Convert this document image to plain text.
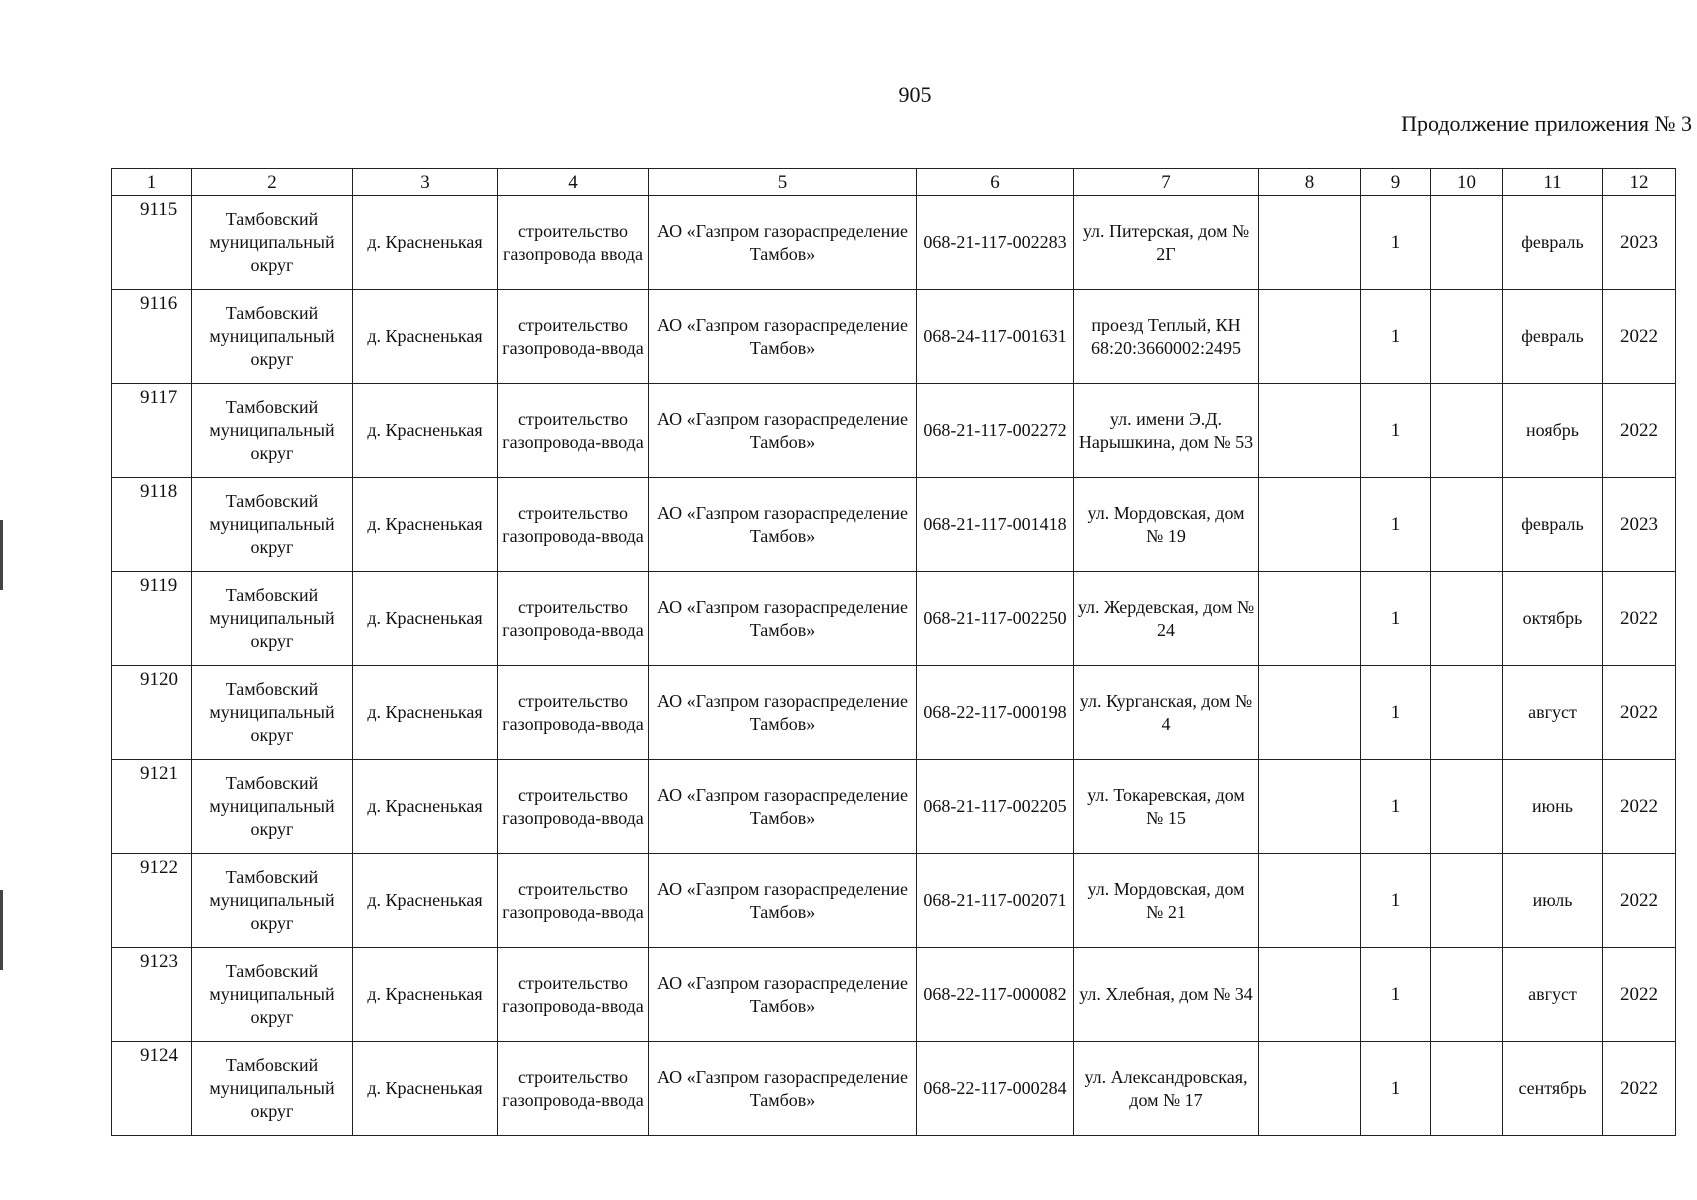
905
Продолжение приложения № 3
1	2	3	4	5	6	7	8	9	10	11	12
9115	Тамбовский муниципальный округ	д. Красненькая	строительство газопровода ввода	АО «Газпром газораспределение Тамбов»	068-21-117-002283	ул. Питерская, дом № 2Г		1		февраль	2023
9116	Тамбовский муниципальный округ	д. Красненькая	строительство газопровода-ввода	АО «Газпром газораспределение Тамбов»	068-24-117-001631	проезд Теплый, КН 68:20:3660002:2495		1		февраль	2022
9117	Тамбовский муниципальный округ	д. Красненькая	строительство газопровода-ввода	АО «Газпром газораспределение Тамбов»	068-21-117-002272	ул. имени Э.Д. Нарышкина, дом № 53		1		ноябрь	2022
9118	Тамбовский муниципальный округ	д. Красненькая	строительство газопровода-ввода	АО «Газпром газораспределение Тамбов»	068-21-117-001418	ул. Мордовская, дом № 19		1		февраль	2023
9119	Тамбовский муниципальный округ	д. Красненькая	строительство газопровода-ввода	АО «Газпром газораспределение Тамбов»	068-21-117-002250	ул. Жердевская, дом № 24		1		октябрь	2022
9120	Тамбовский муниципальный округ	д. Красненькая	строительство газопровода-ввода	АО «Газпром газораспределение Тамбов»	068-22-117-000198	ул. Курганская, дом № 4		1		август	2022
9121	Тамбовский муниципальный округ	д. Красненькая	строительство газопровода-ввода	АО «Газпром газораспределение Тамбов»	068-21-117-002205	ул. Токаревская, дом № 15		1		июнь	2022
9122	Тамбовский муниципальный округ	д. Красненькая	строительство газопровода-ввода	АО «Газпром газораспределение Тамбов»	068-21-117-002071	ул. Мордовская, дом № 21		1		июль	2022
9123	Тамбовский муниципальный округ	д. Красненькая	строительство газопровода-ввода	АО «Газпром газораспределение Тамбов»	068-22-117-000082	ул. Хлебная, дом № 34		1		август	2022
9124	Тамбовский муниципальный округ	д. Красненькая	строительство газопровода-ввода	АО «Газпром газораспределение Тамбов»	068-22-117-000284	ул. Александровская, дом № 17		1		сентябрь	2022
